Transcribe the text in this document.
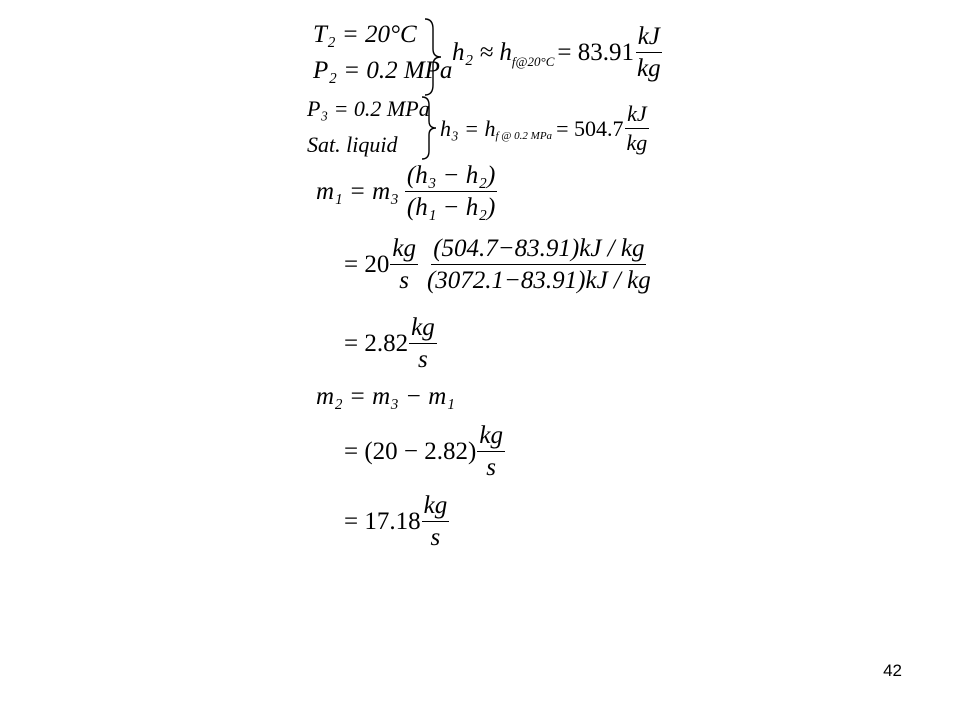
T₂ = 20°C
P₂ = 0.2 MPa
h₂ ≈ h f@20°C = $83.91 \frac{kJ}{kg}$
P₃ = 0.2 MPa
Sat. liquid
h₃ = h f @ 0.2 MPa = $504.7 \frac{kJ}{kg}$
$m_1 = m_3 \frac{\text{(h₃ − h₂)}}{\text{(h₁ − h₂)}}$
= $20 \frac{kg}{s} \frac{(504.7-83.91)kJ / kg}{(3072.1-83.91)kJ / kg}$
= $2.82 \frac{kg}{s}$
m₂ = m₃ − m₁
= $(20 - 2.82) \frac{kg}{s}$
= $17.18 \frac{kg}{s}$
42
